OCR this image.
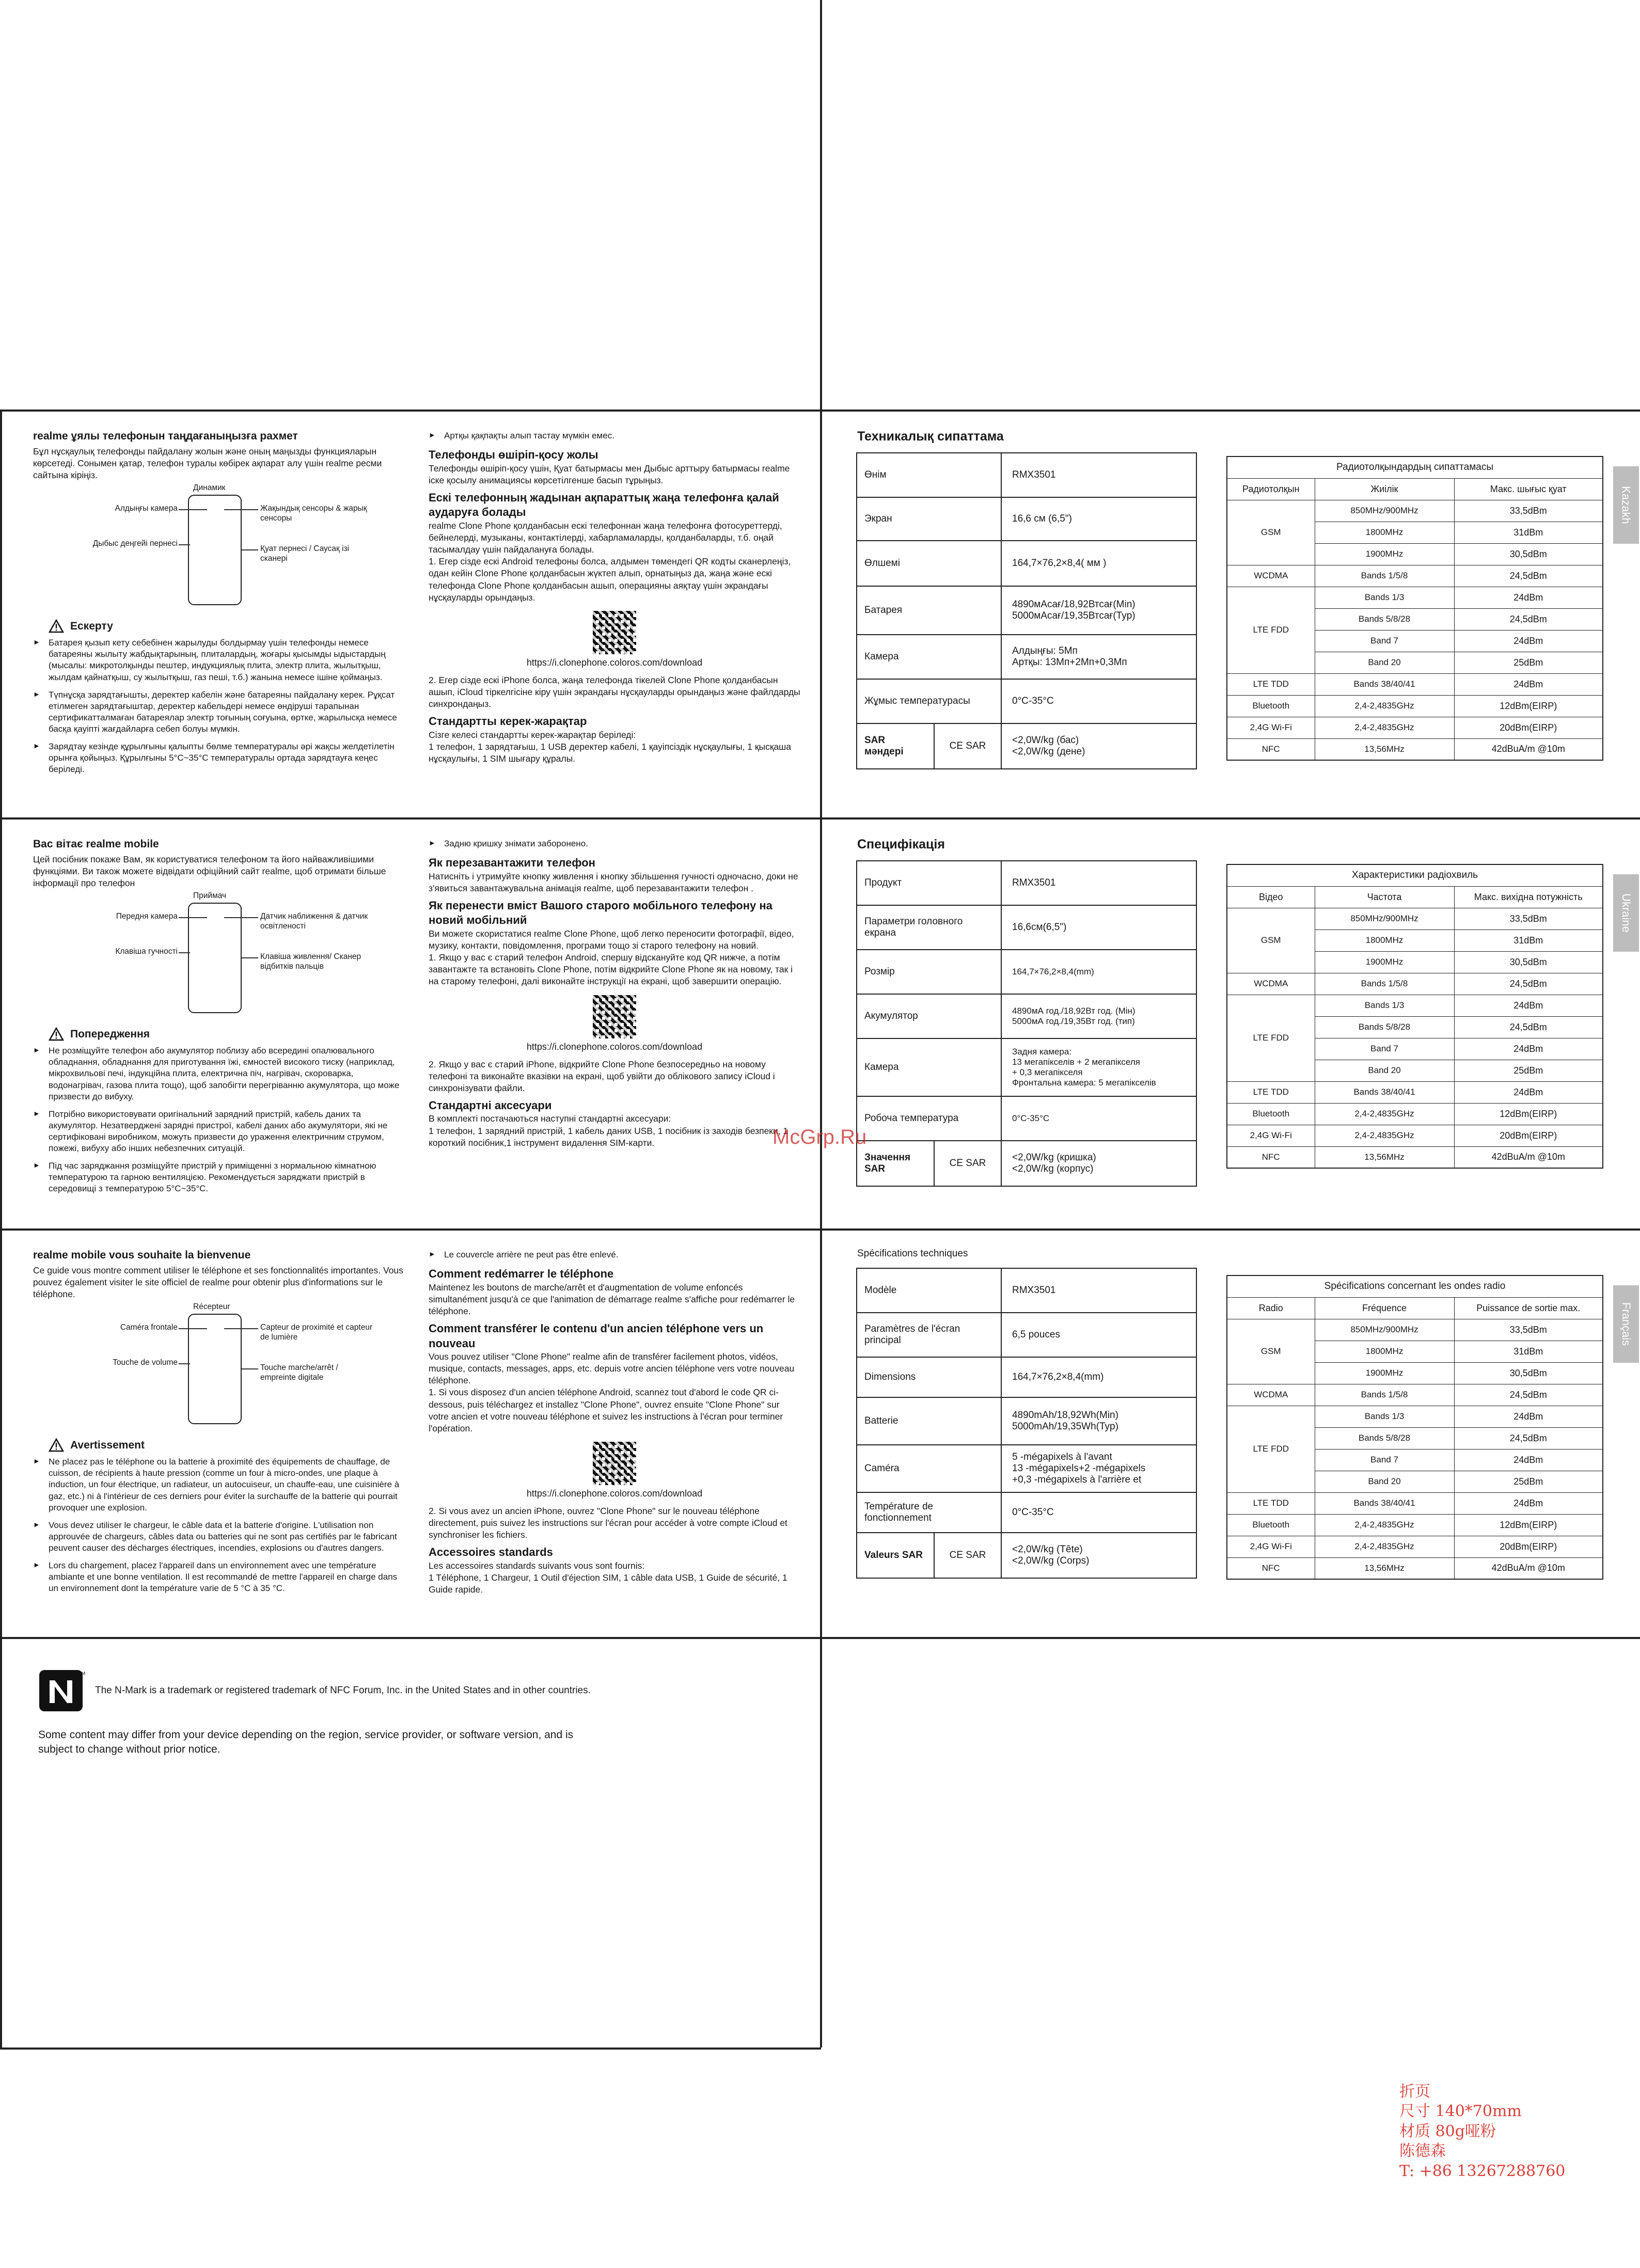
realme ұялы телефонын таңдағаныңызға рахмет
Бұл нұсқаулық телефонды пайдалану жолын және оның маңызды функцияларын көрсетеді. Сонымен қатар, телефон туралы көбірек ақпарат алу үшін realme ресми сайтына кіріңіз.
Динамик
Алдыңғы камера
Дыбыс деңгейі пернесі
Жақындық сенсоры & жарық сенсоры
Қуат пернесі / Саусақ ізі сканері
Ескерту
► Батарея қызып кету себебінен жарылуды болдырмау үшін телефонды немесе батареяны жылыту жабдықтарының, плиталардың, жоғары қысымды ыдыстардың (мысалы: микротолқынды пештер, индукциялық плита, электр плита, жылытқыш, жылдам қайнатқыш, су жылытқыш, газ пеші, т.б.) жанына немесе ішіне қоймаңыз.
► Түпнұсқа зарядтағышты, деректер кабелін және батареяны пайдалану керек. Рұқсат етілмеген зарядтағыштар, деректер кабельдері немесе өндіруші тарапынан сертификатталмаған батареялар электр тоғының соғуына, өртке, жарылысқа немесе басқа қауіпті жағдайларға себеп болуы мүмкін.
► Зарядтау кезінде құрылғыны қалыпты бөлме температуралы әрі жақсы желдетілетін орынға қойыңыз. Құрылғыны 5°C~35°C температуралы ортада зарядтауға кеңес беріледі.
► Артқы қақпақты алып тастау мүмкін емес.
Телефонды өшіріп-қосу жолы
Телефонды өшіріп-қосу үшін, Қуат батырмасы мен Дыбыс арттыру батырмасы realme іске қосылу анимациясы көрсетілгенше басып тұрыңыз.
Ескі телефонның жадынан ақпараттық жаңа телефонға қалай аударуға болады
realme Clone Phone қолданбасын ескі телефоннан жаңа телефонға фотосуреттерді, бейнелерді, музыканы, контактілерді, хабарламаларды, қолданбаларды, т.б. оңай тасымалдау үшін пайдалануға болады.
1. Егер сізде ескі Android телефоны болса, алдымен төмендегі QR кодты сканерлеңіз, одан кейін Clone Phone қолданбасын жүктеп алып, орнатыңыз да, жаңа және ескі телефонда Clone Phone қолданбасын ашып, операцияны аяқтау үшін экрандағы нұсқауларды орындаңыз.
https://i.clonephone.coloros.com/download
2. Егер сізде ескі iPhone болса, жаңа телефонда тікелей Clone Phone қолданбасын ашып, iCloud тіркелгісіне кіру үшін экрандағы нұсқауларды орындаңыз және файлдарды синхрондаңыз.
Стандартты керек-жарақтар
Сізге келесі стандартты керек-жарақтар беріледі:
1 телефон, 1 зарядтағыш, 1 USB деректер кабелі, 1 қауіпсіздік нұсқаулығы, 1 қысқаша нұсқаулығы, 1 SIM шығару құралы.
Техникалық сипаттама
Өнім		RMX3501
Экран		16,6 см (6,5")
Өлшемі		164,7×76,2×8,4( мм )
Батарея		4890мAсағ/18,92Втсағ(Min)
5000мAсағ/19,35Втсағ(Typ)
Камера		Алдыңғы: 5Мп
Артқы: 13Мп+2Мп+0,3Мп
Жұмыс температурасы		0°C-35°C
SAR мәндері	CE SAR	<2,0W/kg (бас)
<2,0W/kg (дене)
Радиотолқындардың сипаттамасы		
Радиотолқын	Жиілік	Макс. шығыс қуат
GSM	850MHz/900MHz	33,5dBm
	1800MHz	31dBm
	1900MHz	30,5dBm
WCDMA	Bands 1/5/8	24,5dBm
LTE FDD	Bands 1/3	24dBm
	Bands 5/8/28	24,5dBm
	Band 7	24dBm
	Band 20	25dBm
LTE TDD	Bands 38/40/41	24dBm
Bluetooth	2,4-2,4835GHz	12dBm(EIRP)
2,4G Wi-Fi	2,4-2,4835GHz	20dBm(EIRP)
NFC	13,56MHz	42dBuA/m @10m
Kazakh
Вас вітає realme mobile
Цей посібник покаже Вам, як користуватися телефоном та його найважливішими функціями. Ви також можете відвідати офіційний сайт realme, щоб отримати більше інформації про телефон
Приймач
Передня камера
Клавіша гучності
Датчик наближення & датчик освітленості
Клавіша живлення/ Сканер відбитків пальців
Попередження
► Не розміщуйте телефон або акумулятор поблизу або всередині опалювального обладнання, обладнання для приготування їжі, ємностей високого тиску (наприклад, мікрохвильові печі, індукційна плита, електрична піч, нагрівач, скороварка, водонагрівач, газова плита тощо), щоб запобігти перегріванню акумулятора, що може призвести до вибуху.
► Потрібно використовувати оригінальний зарядний пристрій, кабель даних та акумулятор. Незатверджені зарядні пристрої, кабелі даних або акумулятори, які не сертифіковані виробником, можуть призвести до ураження електричним струмом, пожежі, вибуху або інших небезпечних ситуацій.
► Під час заряджання розміщуйте пристрій у приміщенні з нормальною кімнатною температурою та гарною вентиляцією. Рекомендується заряджати пристрій в середовищі з температурою 5°C~35°C.
► Задню кришку знімати заборонено.
Як перезавантажити телефон
Натисніть і утримуйте кнопку живлення і кнопку збільшення гучності одночасно, доки не з'явиться завантажувальна анімація realme, щоб перезавантажити телефон .
Як перенести вміст Вашого старого мобільного телефону на новий мобільний
Ви можете скористатися realme Clone Phone, щоб легко переносити фотографії, відео, музику, контакти, повідомлення, програми тощо зі старого телефону на новий.
1. Якщо у вас є старий телефон Android, спершу відскануйте код QR нижче, а потім завантажте та встановіть Clone Phone, потім відкрийте Clone Phone як на новому, так і на старому телефоні, далі виконайте інструкції на екрані, щоб завершити операцію.
https://i.clonephone.coloros.com/download
2. Якщо у вас є старий iPhone, відкрийте Clone Phone безпосередньо на новому телефоні та виконайте вказівки на екрані, щоб увійти до облікового запису iCloud і синхронізувати файли.
Стандартні аксесуари
В комплекті постачаються наступні стандартні аксесуари:
1 телефон, 1 зарядний пристрій, 1 кабель даних USB, 1 посібник із заходів безпеки, 1 короткий посібник,1 інструмент видалення SIM-карти.
Специфікація
Продукт		RMX3501
Параметри головного екрана		16,6см(6,5")
Розмір		164,7×76,2×8,4(mm)
Акумулятор		4890мА год./18,92Вт год. (Мін)
5000мА год./19,35Вт год. (тип)
Камера		Задня камера:
13 мегапікселів + 2 мегапікселя
+ 0,3 мегапікселя
Фронтальна камера: 5 мегапікселів
Робоча температура		0°C-35°C
Значення SAR	CE SAR	<2,0W/kg (кришка)
<2,0W/kg (корпус)
Характеристики радіохвиль		
Відео	Частота	Макс. вихідна потужність
GSM	850MHz/900MHz	33,5dBm
	1800MHz	31dBm
	1900MHz	30,5dBm
WCDMA	Bands 1/5/8	24,5dBm
LTE FDD	Bands 1/3	24dBm
	Bands 5/8/28	24,5dBm
	Band 7	24dBm
	Band 20	25dBm
LTE TDD	Bands 38/40/41	24dBm
Bluetooth	2,4-2,4835GHz	12dBm(EIRP)
2,4G Wi-Fi	2,4-2,4835GHz	20dBm(EIRP)
NFC	13,56MHz	42dBuA/m @10m
Ukraine
realme mobile vous souhaite la bienvenue
Ce guide vous montre comment utiliser le téléphone et ses fonctionnalités importantes. Vous pouvez également visiter le site officiel de realme pour obtenir plus d'informations sur le téléphone.
Récepteur
Caméra frontale
Touche de volume
Capteur de proximité et capteur de lumière
Touche marche/arrêt / empreinte digitale
Avertissement
► Ne placez pas le téléphone ou la batterie à proximité des équipements de chauffage, de cuisson, de récipients à haute pression (comme un four à micro-ondes, une plaque à induction, un four électrique, un radiateur, un autocuiseur, un chauffe-eau, une cuisinière à gaz, etc.) ni à l'intérieur de ces derniers pour éviter la surchauffe de la batterie qui pourrait provoquer une explosion.
► Vous devez utiliser le chargeur, le câble data et la batterie d'origine. L'utilisation non approuvée de chargeurs, câbles data ou batteries qui ne sont pas certifiés par le fabricant peuvent causer des décharges électriques, incendies, explosions ou d'autres dangers.
► Lors du chargement, placez l'appareil dans un environnement avec une température ambiante et une bonne ventilation. Il est recommandé de mettre l'appareil en charge dans un environnement dont la température varie de 5 °C à 35 °C.
► Le couvercle arrière ne peut pas être enlevé.
Comment redémarrer le téléphone
Maintenez les boutons de marche/arrêt et d'augmentation de volume enfoncés simultanément jusqu'à ce que l'animation de démarrage realme s'affiche pour redémarrer le téléphone.
Comment transférer le contenu d'un ancien téléphone vers un nouveau
Vous pouvez utiliser "Clone Phone" realme afin de transférer facilement photos, vidéos, musique, contacts, messages, apps, etc. depuis votre ancien téléphone vers votre nouveau téléphone.
1. Si vous disposez d'un ancien téléphone Android, scannez tout d'abord le code QR ci-dessous, puis téléchargez et installez "Clone Phone", ouvrez ensuite "Clone Phone" sur votre ancien et votre nouveau téléphone et suivez les instructions à l'écran pour terminer l'opération.
https://i.clonephone.coloros.com/download
2. Si vous avez un ancien iPhone, ouvrez "Clone Phone" sur le nouveau téléphone directement, puis suivez les instructions sur l'écran pour accéder à votre compte iCloud et synchroniser les fichiers.
Accessoires standards
Les accessoires standards suivants vous sont fournis:
1 Téléphone, 1 Chargeur, 1 Outil d'éjection SIM, 1 câble data USB, 1 Guide de sécurité, 1 Guide rapide.
Spécifications techniques
Modèle		RMX3501
Paramètres de l'écran principal		6,5 pouces
Dimensions		164,7×76,2×8,4(mm)
Batterie		4890mAh/18,92Wh(Min)
5000mAh/19,35Wh(Typ)
Caméra		5 -mégapixels à l'avant
13 -mégapixels+2 -mégapixels
+0,3 -mégapixels à l'arrière et
Température de fonctionnement		0°C-35°C
Valeurs SAR	CE SAR	<2,0W/kg (Tête)
<2,0W/kg (Corps)
Spécifications concernant les ondes radio		
Radio	Fréquence	Puissance de sortie max.
GSM	850MHz/900MHz	33,5dBm
	1800MHz	31dBm
	1900MHz	30,5dBm
WCDMA	Bands 1/5/8	24,5dBm
LTE FDD	Bands 1/3	24dBm
	Bands 5/8/28	24,5dBm
	Band 7	24dBm
	Band 20	25dBm
LTE TDD	Bands 38/40/41	24dBm
Bluetooth	2,4-2,4835GHz	12dBm(EIRP)
2,4G Wi-Fi	2,4-2,4835GHz	20dBm(EIRP)
NFC	13,56MHz	42dBuA/m @10m
Français
McGrp.Ru
TM
The N-Mark is a trademark or registered trademark of NFC Forum, Inc. in the United States and in other countries.
Some content may differ from your device depending on the region, service provider, or software version, and is subject to change without prior notice.
折页
尺寸 140*70mm
材质 80g哑粉
陈德森
T: +86 13267288760
